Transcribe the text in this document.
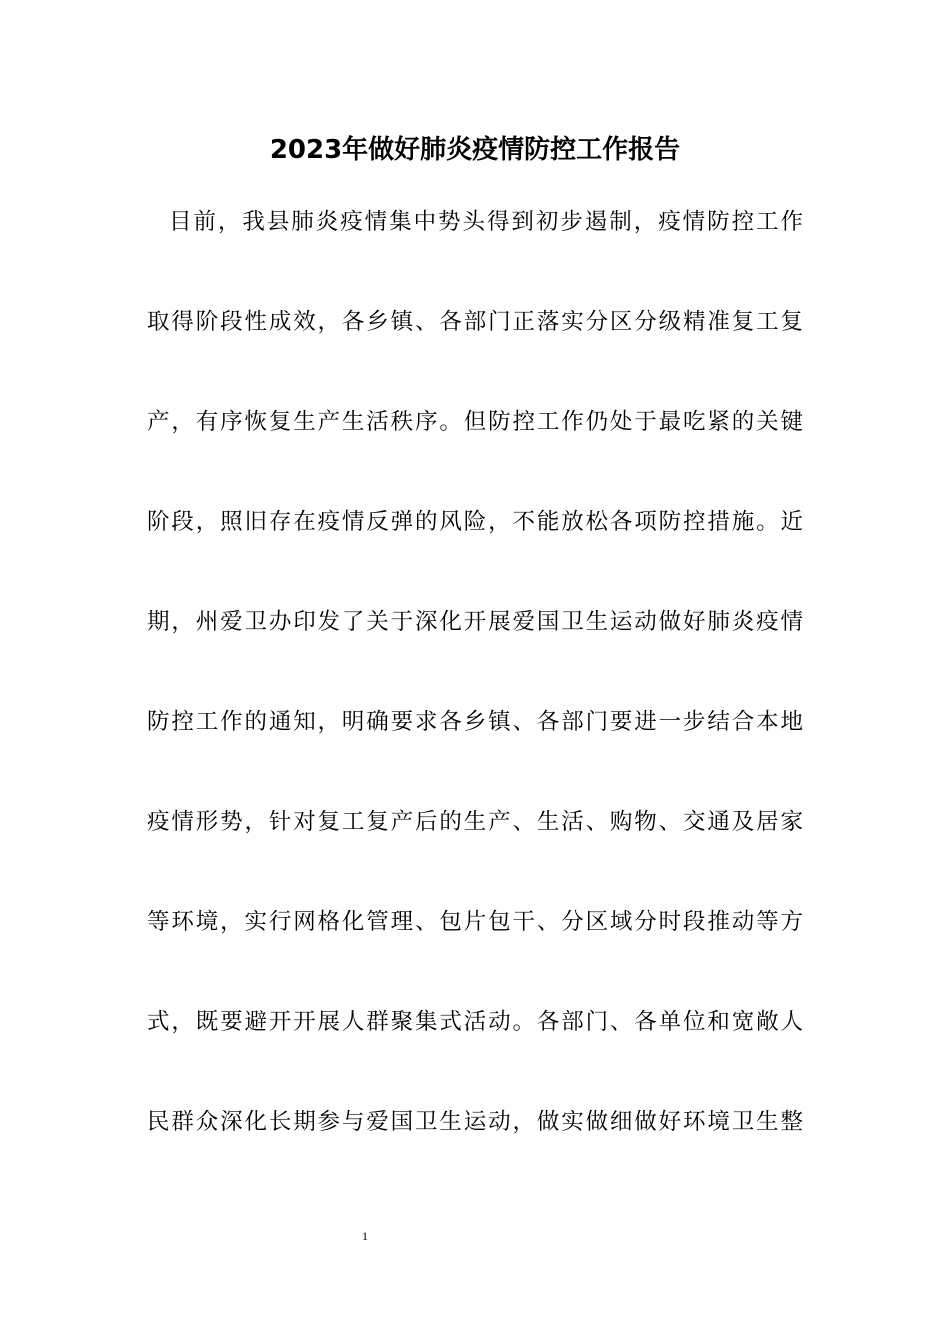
2023年做好肺炎疫情防控工作报告
目前，我县肺炎疫情集中势头得到初步遏制，疫情防控工作
取得阶段性成效，各乡镇、各部门正落实分区分级精准复工复
产，有序恢复生产生活秩序。但防控工作仍处于最吃紧的关键
阶段，照旧存在疫情反弹的风险，不能放松各项防控措施。近
期，州爱卫办印发了关于深化开展爱国卫生运动做好肺炎疫情
防控工作的通知，明确要求各乡镇、各部门要进一步结合本地
疫情形势，针对复工复产后的生产、生活、购物、交通及居家
等环境，实行网格化管理、包片包干、分区域分时段推动等方
式，既要避开开展人群聚集式活动。各部门、各单位和宽敞人
民群众深化长期参与爱国卫生运动，做实做细做好环境卫生整
1
